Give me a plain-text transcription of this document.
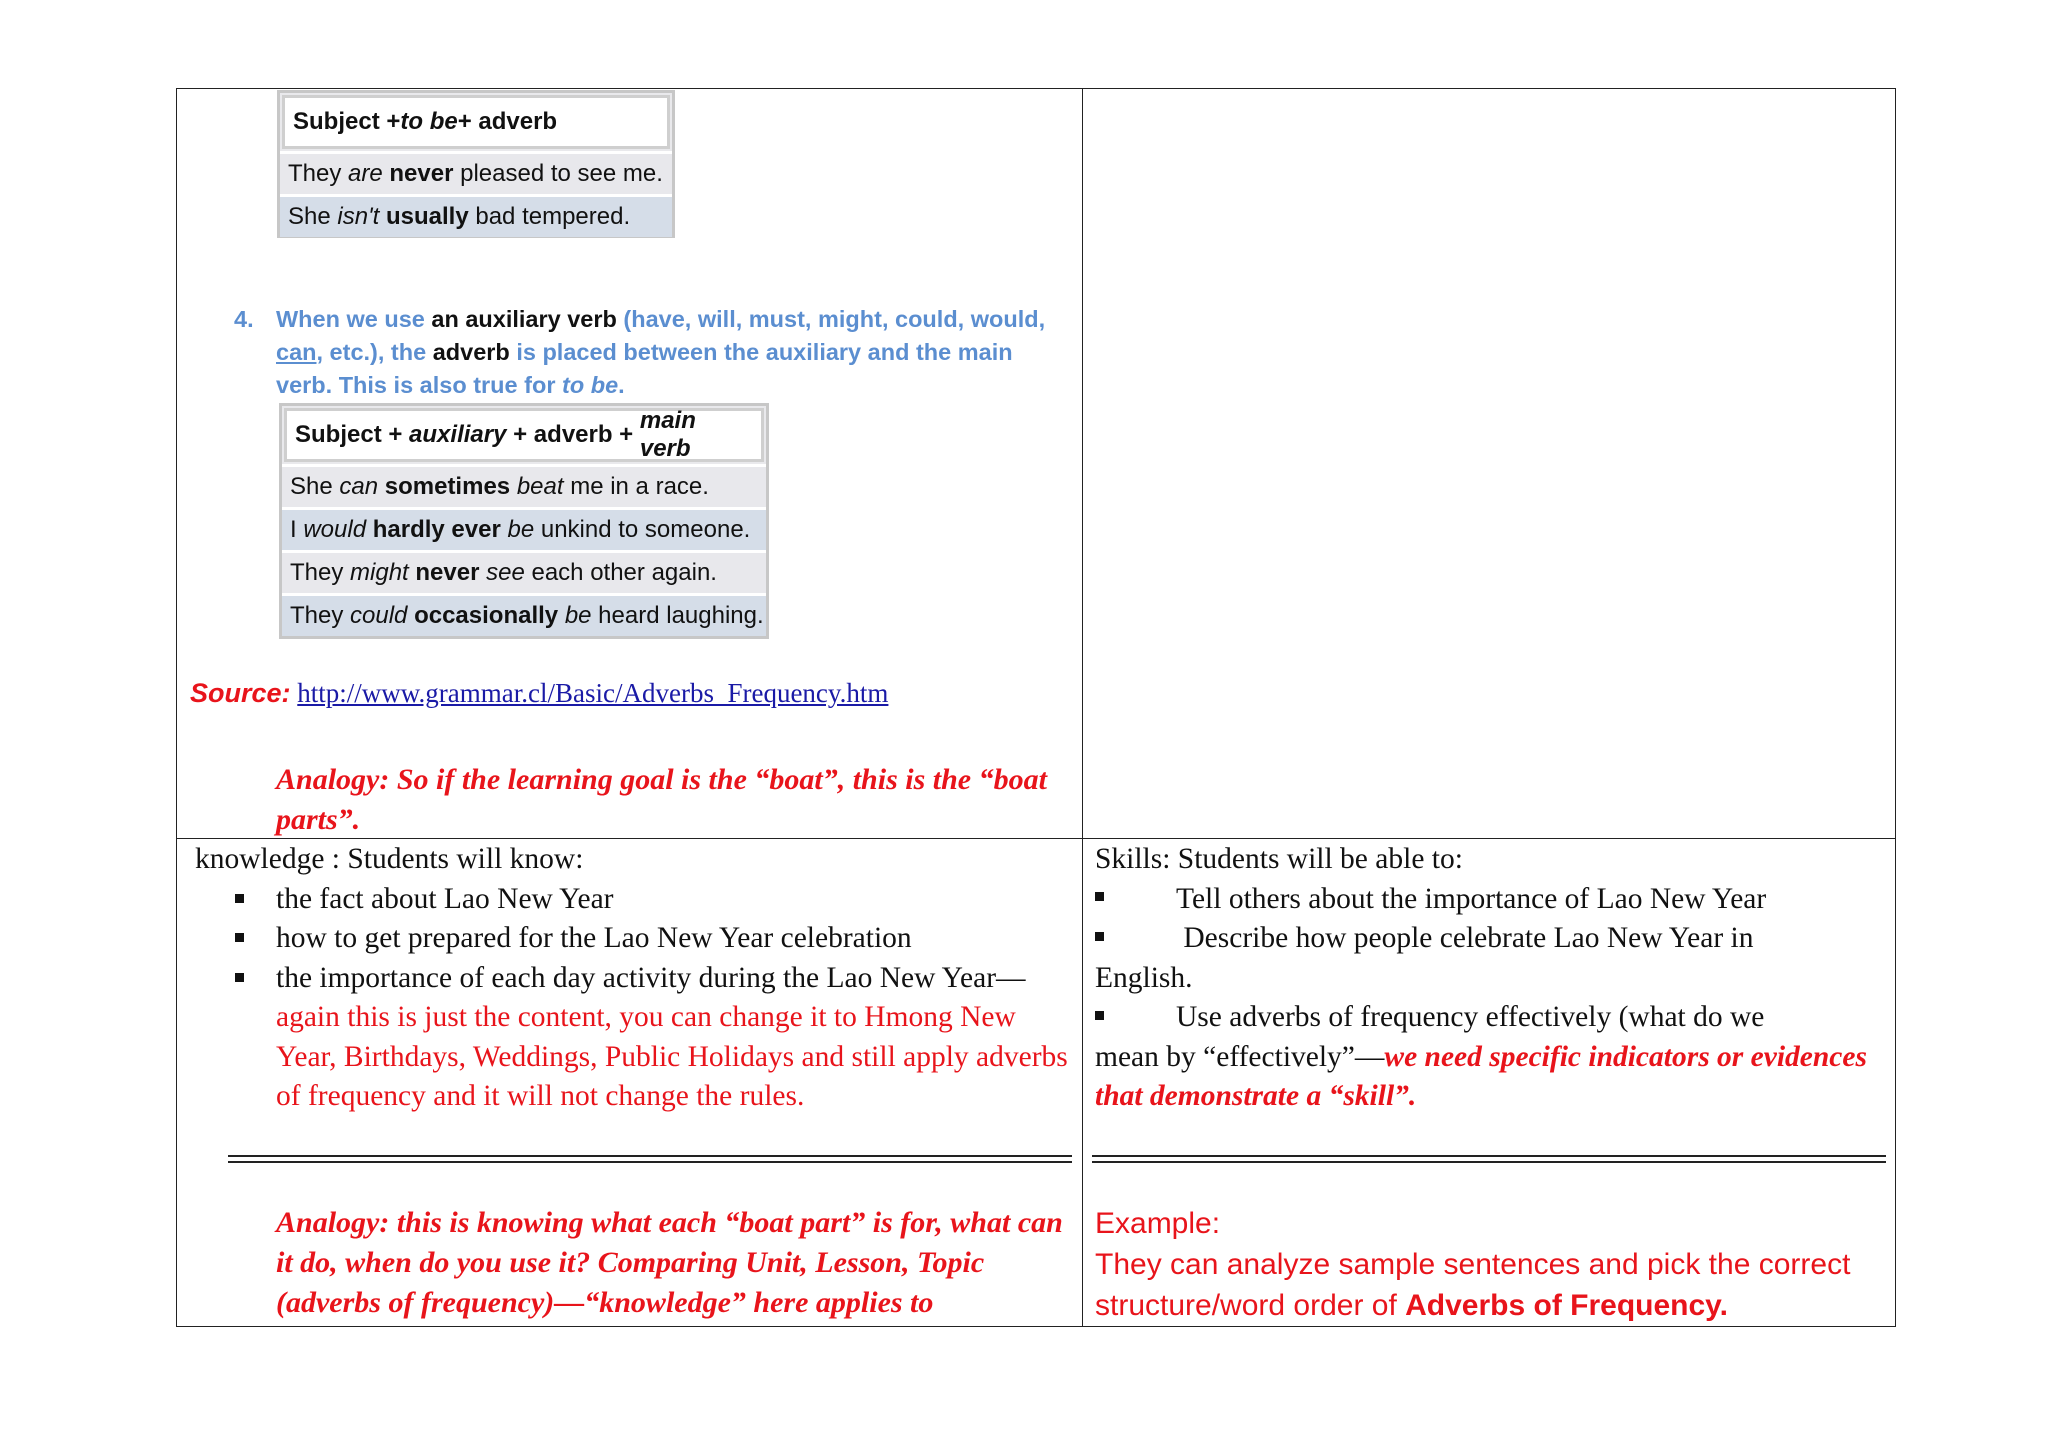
Subject + to be + adverb
They are
never pleased to see me.
She isn't
usually bad tempered.
4. When we use an auxiliary verb (have, will, must, might, could, would, can, etc.), the adverb is placed between the auxiliary and the main verb. This is also true for to be.
Subject + auxiliary + adverb +
main verb
She can sometimes beat me in a race.
I would hardly ever be unkind to someone.
They might never see each other again.
They could occasionally be heard laughing.
Source: http://www.grammar.cl/Basic/Adverbs_Frequency.htm
Analogy: So if the learning goal is the “boat”, this is the “boat parts”.
knowledge : Students will know:
the fact about Lao New Year
how to get prepared for the Lao New Year celebration
the importance of each day activity during the Lao New Year—again this is just the content, you can change it to Hmong New Year, Birthdays, Weddings, Public Holidays and still apply adverbs of frequency and it will not change the rules.
Skills: Students will be able to:
Tell others about the importance of Lao New Year
Describe how people celebrate Lao New Year in
English.
Use adverbs of frequency effectively (what do we
mean by “effectively”—we need specific indicators or evidences that demonstrate a “skill”.
Analogy: this is knowing what each “boat part” is for, what can it do, when do you use it? Comparing Unit, Lesson, Topic (adverbs of frequency)—“knowledge” here applies to
Example:
They can analyze sample sentences and pick the correct structure/word order of Adverbs of Frequency.
